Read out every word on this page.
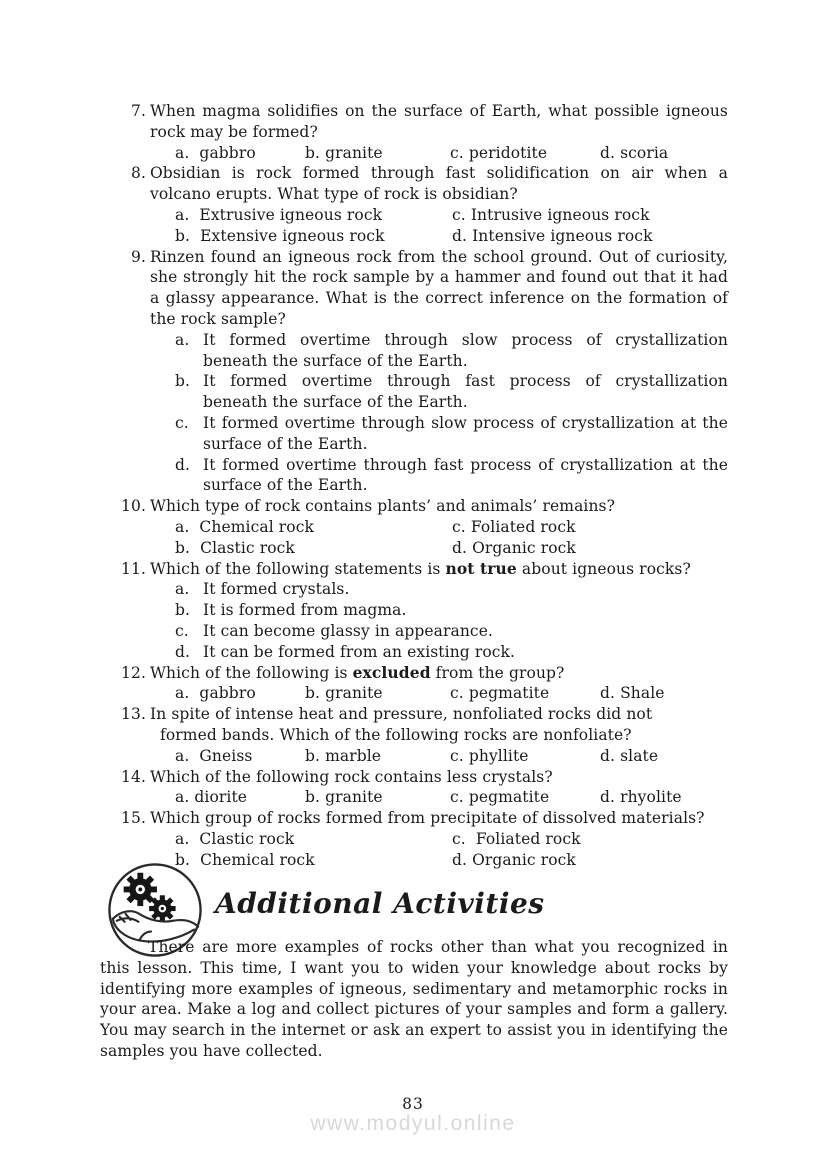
7. When magma solidifies on the surface of Earth, what possible igneous rock may be formed?
a.  gabbro	b. granite	c. peridotite	d. scoria
8. Obsidian is rock formed through fast solidification on air when a volcano erupts. What type of rock is obsidian?
a.  Extrusive igneous rock	c. Intrusive igneous rock
b.  Extensive igneous rock	d. Intensive igneous rock
9. Rinzen found an igneous rock from the school ground. Out of curiosity, she strongly hit the rock sample by a hammer and found out that it had a glassy appearance. What is the correct inference on the formation of the rock sample?
a. It formed overtime through slow process of crystallization beneath the surface of the Earth.
b. It formed overtime through fast process of crystallization beneath the surface of the Earth.
c. It formed overtime through slow process of crystallization at the surface of the Earth.
d. It formed overtime through fast process of crystallization at the surface of the Earth.
10. Which type of rock contains plants’ and animals’ remains?
a.  Chemical rock	c. Foliated rock
b.  Clastic rock	d. Organic rock
11. Which of the following statements is not true about igneous rocks?
a. It formed crystals.
b. It is formed from magma.
c. It can become glassy in appearance.
d. It can be formed from an existing rock.
12. Which of the following is excluded from the group?
a.  gabbro	b. granite	c. pegmatite	d. Shale
13. In spite of intense heat and pressure, nonfoliated rocks did not
formed bands. Which of the following rocks are nonfoliate?
a.  Gneiss	b. marble	c. phyllite	d. slate
14. Which of the following rock contains less crystals?
a. diorite	b. granite	c. pegmatite	d. rhyolite
15. Which group of rocks formed from precipitate of dissolved materials?
a.  Clastic rock	c.  Foliated rock
b.  Chemical rock	d. Organic rock
Additional Activities
There are more examples of rocks other than what you recognized in this lesson. This time, I want you to widen your knowledge about rocks by identifying more examples of igneous, sedimentary and metamorphic rocks in your area. Make a log and collect pictures of your samples and form a gallery. You may search in the internet or ask an expert to assist you in identifying the samples you have collected.
83
www.modyul.online
